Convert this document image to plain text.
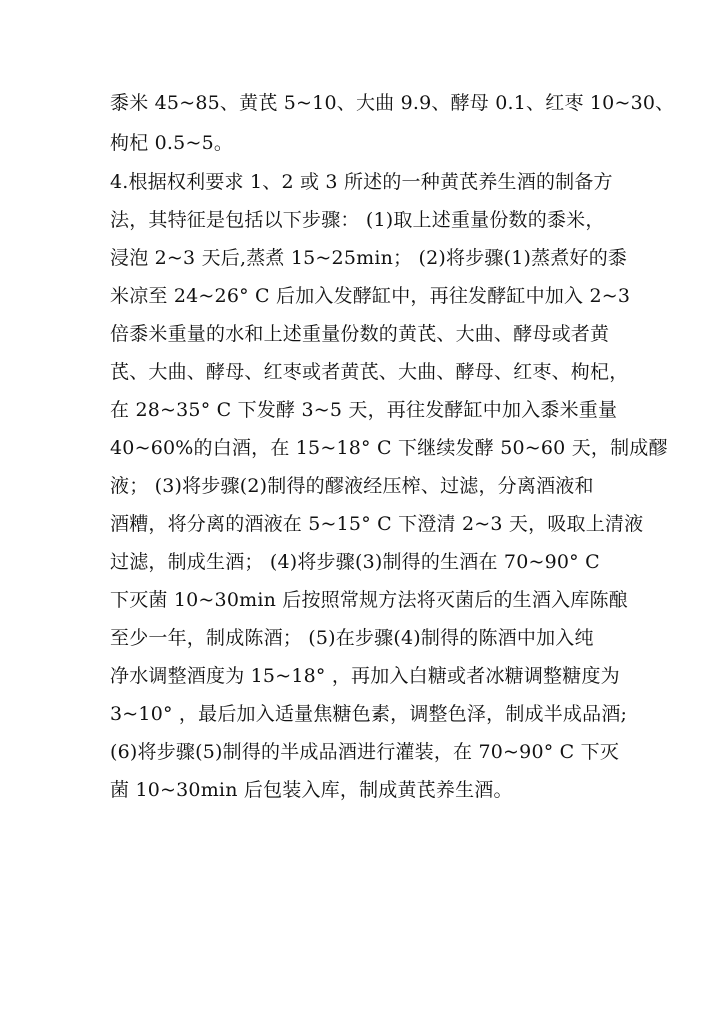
黍米 45~85、黄芪 5~10、大曲 9.9、酵母 0.1、红枣 10~30、
枸杞 0.5~5。
4.根据权利要求 1、2 或 3 所述的一种黄芪养生酒的制备方
法，其特征是包括以下步骤： (1)取上述重量份数的黍米，
浸泡 2~3 天后,蒸煮 15~25min； (2)将步骤(1)蒸煮好的黍
米凉至 24~26° C 后加入发酵缸中，再往发酵缸中加入 2~3
倍黍米重量的水和上述重量份数的黄芪、大曲、酵母或者黄
芪、大曲、酵母、红枣或者黄芪、大曲、酵母、红枣、枸杞，
在 28~35° C 下发酵 3~5 天，再往发酵缸中加入黍米重量
40~60%的白酒，在 15~18° C 下继续发酵 50~60 天，制成醪
液； (3)将步骤(2)制得的醪液经压榨、过滤，分离酒液和
酒糟，将分离的酒液在 5~15° C 下澄清 2~3 天，吸取上清液
过滤，制成生酒； (4)将步骤(3)制得的生酒在 70~90° C
下灭菌 10~30min 后按照常规方法将灭菌后的生酒入库陈酿
至少一年，制成陈酒； (5)在步骤(4)制得的陈酒中加入纯
净水调整酒度为 15~18° ，再加入白糖或者冰糖调整糖度为
3~10° ，最后加入适量焦糖色素，调整色泽，制成半成品酒;
(6)将步骤(5)制得的半成品酒进行灌装，在 70~90° C 下灭
菌 10~30min 后包装入库，制成黄芪养生酒。
